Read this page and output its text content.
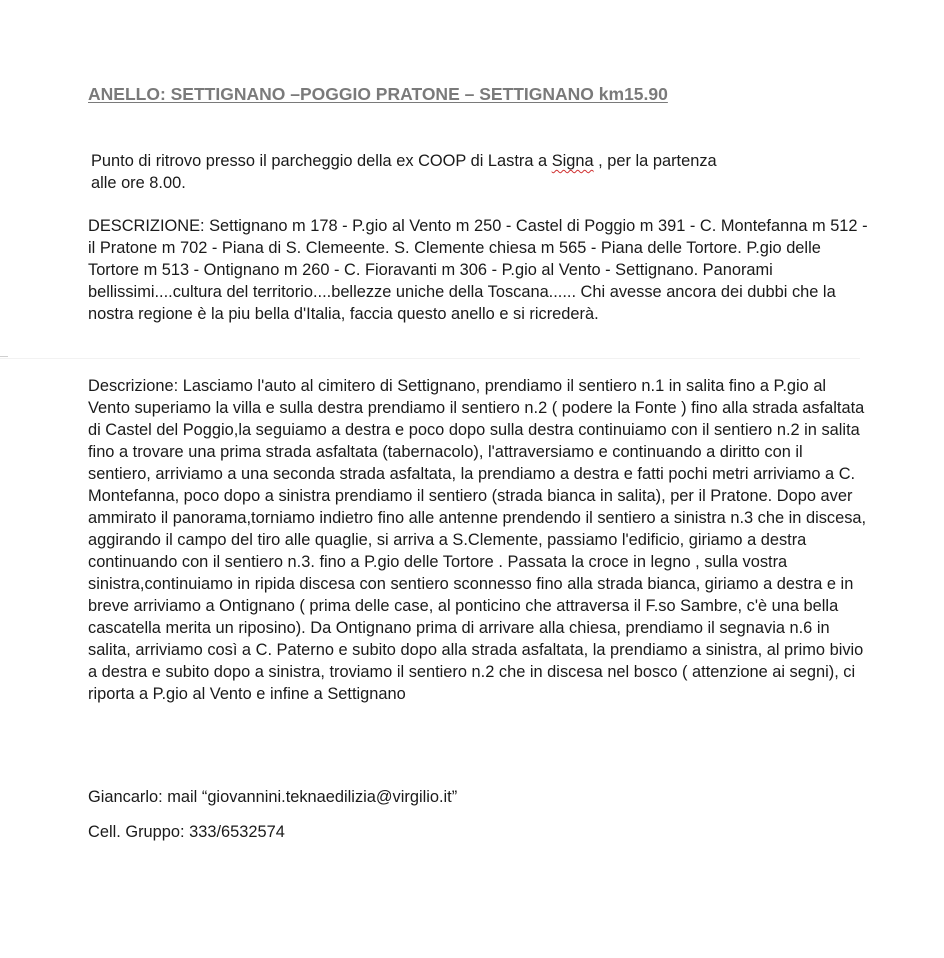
ANELLO: SETTIGNANO –POGGIO PRATONE – SETTIGNANO km15.90

Punto di ritrovo presso il parcheggio della ex COOP di Lastra a Signa , per la partenza
alle ore 8.00.

DESCRIZIONE: Settignano m 178 - P.gio al Vento m 250 - Castel di Poggio m 391 - C. Montefanna m 512 - il Pratone m 702 - Piana di S. Clemeente. S. Clemente chiesa m 565 - Piana delle Tortore. P.gio delle Tortore m 513 - Ontignano m 260 - C. Fioravanti m 306 - P.gio al Vento - Settignano. Panorami bellissimi....cultura del territorio....bellezze uniche della Toscana...... Chi avesse ancora dei dubbi che la nostra regione è la piu bella d'Italia, faccia questo anello e si ricrederà.

Descrizione: Lasciamo l'auto al cimitero di Settignano, prendiamo il sentiero n.1 in salita fino a P.gio al Vento superiamo la villa e sulla destra prendiamo il sentiero n.2 ( podere la Fonte ) fino alla strada asfaltata di Castel del Poggio,la seguiamo a destra e poco dopo sulla destra continuiamo con il sentiero n.2 in salita fino a trovare una prima strada asfaltata (tabernacolo), l'attraversiamo e continuando a diritto con il sentiero, arriviamo a una seconda strada asfaltata, la prendiamo a destra e fatti pochi metri arriviamo a C. Montefanna, poco dopo a sinistra prendiamo il sentiero (strada bianca in salita), per il Pratone. Dopo aver ammirato il panorama,torniamo indietro fino alle antenne prendendo il sentiero a sinistra n.3 che in discesa, aggirando il campo del tiro alle quaglie, si arriva a S.Clemente, passiamo l'edificio, giriamo a destra continuando con il sentiero n.3. fino a P.gio delle Tortore . Passata la croce in legno , sulla vostra sinistra,continuiamo in ripida discesa con sentiero sconnesso fino alla strada bianca, giriamo a destra e in breve arriviamo a Ontignano ( prima delle case, al ponticino che attraversa il F.so Sambre, c'è una bella cascatella merita un riposino). Da Ontignano prima di arrivare alla chiesa, prendiamo il segnavia n.6 in salita, arriviamo così a C. Paterno e subito dopo alla strada asfaltata, la prendiamo a sinistra, al primo bivio a destra e subito dopo a sinistra, troviamo il sentiero n.2 che in discesa nel bosco ( attenzione ai segni), ci riporta a P.gio al Vento e infine a Settignano

Giancarlo: mail “giovannini.teknaedilizia@virgilio.it”

Cell. Gruppo: 333/6532574
